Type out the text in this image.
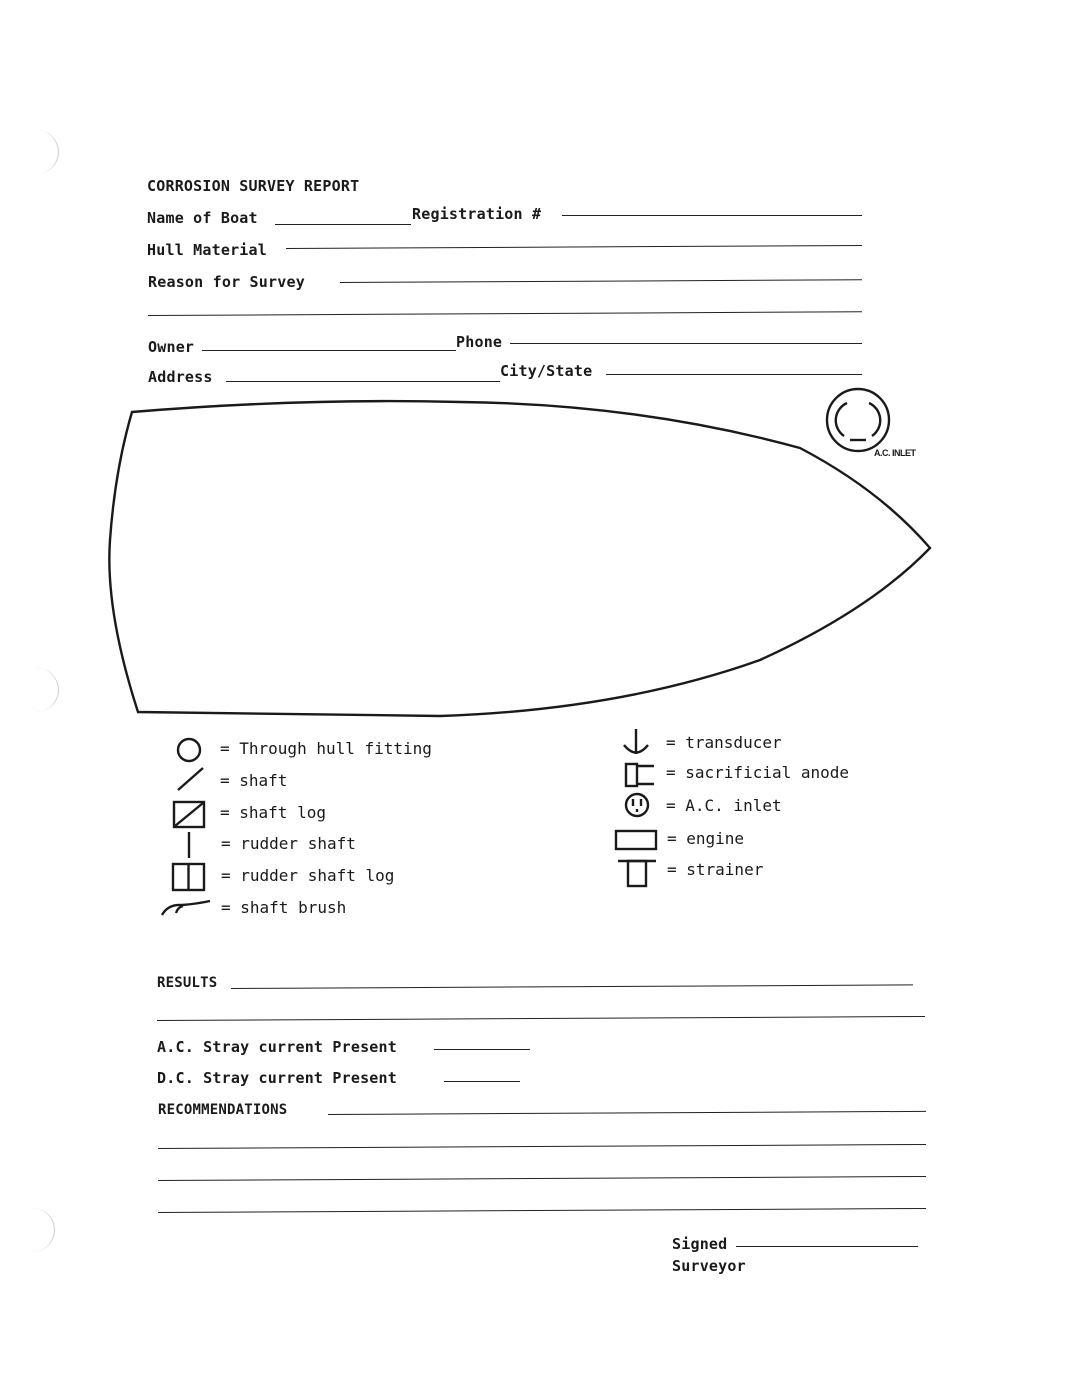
CORROSION SURVEY REPORT
Name of Boat	Registration #
Hull Material
Reason for Survey
Owner	Phone
Address	City/State
A.C. INLET
= Through hull fitting
= shaft
= shaft log
= rudder shaft
= rudder shaft log
= shaft brush
= transducer
= sacrificial anode
= A.C. inlet
= engine
= strainer
RESULTS
A.C. Stray current Present
D.C. Stray current Present
RECOMMENDATIONS
Signed
Surveyor
